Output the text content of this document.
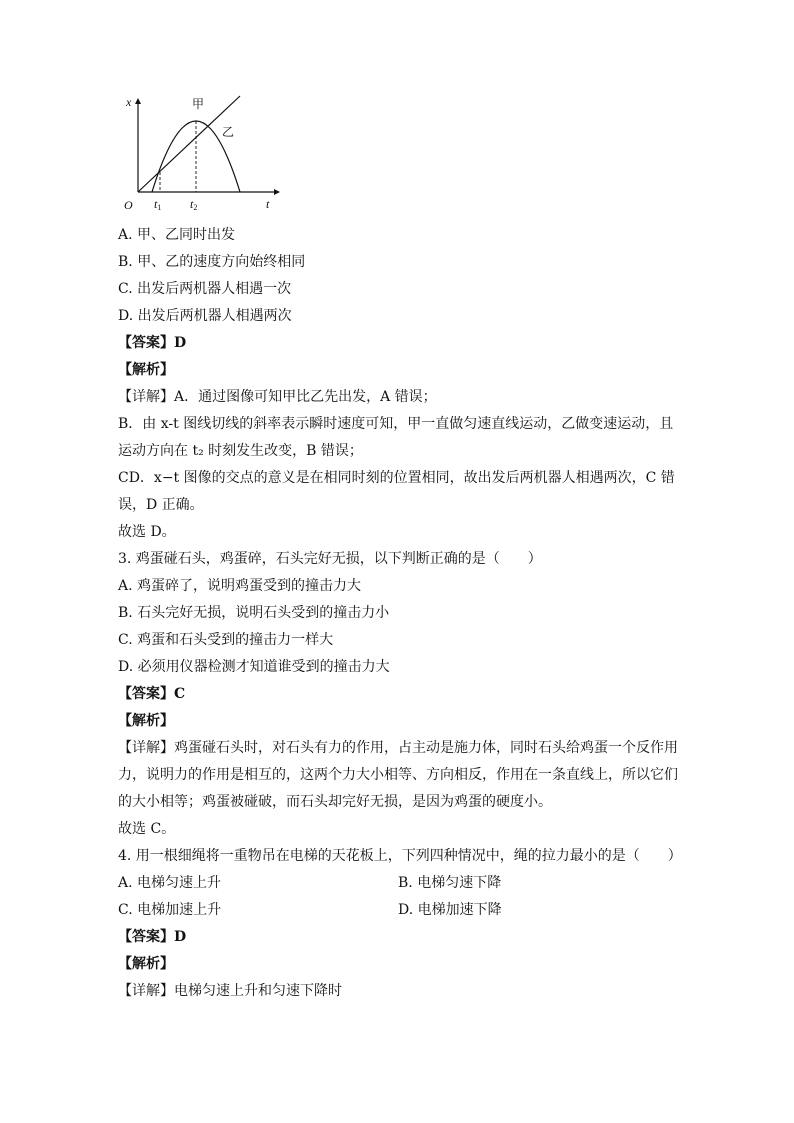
x
t
O
甲
乙
t1 t2

A. 甲、乙同时出发

B. 甲、乙的速度方向始终相同

C. 出发后两机器人相遇一次

D. 出发后两机器人相遇两次

【答案】D

【解析】

【详解】A．通过图像可知甲比乙先出发，A 错误；

B．由 x-t 图线切线的斜率表示瞬时速度可知，甲一直做匀速直线运动，乙做变速运动，且

运动方向在 t₂ 时刻发生改变，B 错误；

CD．x−t 图像的交点的意义是在相同时刻的位置相同，故出发后两机器人相遇两次，C 错

误，D 正确。

故选 D。

3. 鸡蛋碰石头，鸡蛋碎，石头完好无损，以下判断正确的是（　　）

A. 鸡蛋碎了，说明鸡蛋受到的撞击力大

B. 石头完好无损，说明石头受到的撞击力小

C. 鸡蛋和石头受到的撞击力一样大

D. 必须用仪器检测才知道谁受到的撞击力大

【答案】C

【解析】

【详解】鸡蛋碰石头时，对石头有力的作用，占主动是施力体，同时石头给鸡蛋一个反作用

力，说明力的作用是相互的，这两个力大小相等、方向相反，作用在一条直线上，所以它们

的大小相等；鸡蛋被碰破，而石头却完好无损，是因为鸡蛋的硬度小。

故选 C。

4. 用一根细绳将一重物吊在电梯的天花板上，下列四种情况中，绳的拉力最小的是（　　）

A. 电梯匀速上升	B. 电梯匀速下降

C. 电梯加速上升	D. 电梯加速下降

【答案】D

【解析】

【详解】电梯匀速上升和匀速下降时
